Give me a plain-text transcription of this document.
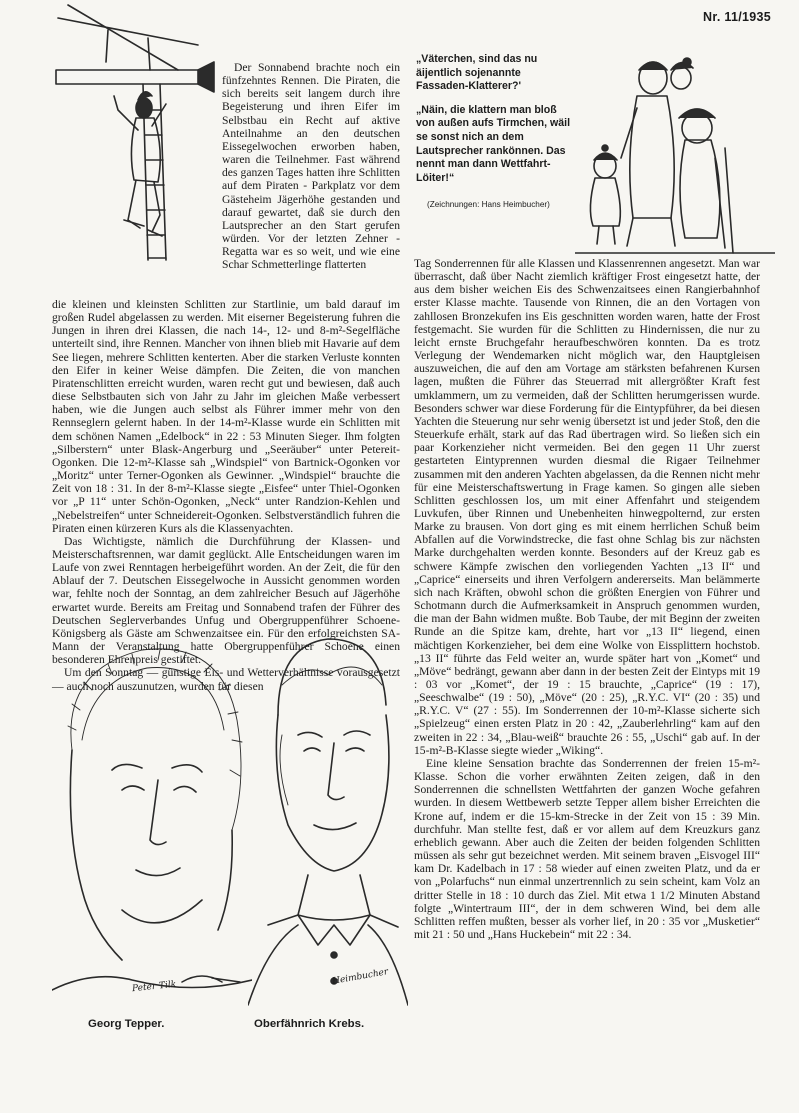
Nr. 11/1935

Der Sonnabend brachte noch ein fünfzehntes Rennen. Die Piraten, die sich bereits seit langem durch ihre Begeisterung und ihren Eifer im Selbstbau ein Recht auf aktive Anteilnahme an den deutschen Eissegelwochen erworben haben, waren die Teilnehmer. Fast während des ganzen Tages hatten ihre Schlitten auf dem Piraten - Parkplatz vor dem Gästeheim Jägerhöhe gestanden und darauf gewartet, daß sie durch den Lautsprecher an den Start gerufen würden. Vor der letzten Zehner - Regatta war es so weit, und wie eine Schar Schmetterlinge flatterten

die kleinen und kleinsten Schlitten zur Startlinie, um bald darauf im großen Rudel abgelassen zu werden. Mit eiserner Begeisterung fuhren die Jungen in ihren drei Klassen, die nach 14-, 12- und 8-m²-Segelfläche unterteilt sind, ihre Rennen. Mancher von ihnen blieb mit Havarie auf dem See liegen, mehrere Schlitten kenterten. Aber die starken Verluste konnten den Eifer in keiner Weise dämpfen. Die Zeiten, die von manchen Piratenschlitten erreicht wurden, waren recht gut und bewiesen, daß auch diese Selbstbauten sich von Jahr zu Jahr im gleichen Maße verbessert haben, wie die Jungen auch selbst als Führer immer mehr von den Rennseglern gelernt haben. In der 14-m²-Klasse wurde ein Schlitten mit dem schönen Namen „Edelbock“ in 22 : 53 Minuten Sieger. Ihm folgten „Silberstern“ unter Blask-Angerburg und „Seeräuber“ unter Petereit-Ogonken. Die 12-m²-Klasse sah „Windspiel“ von Bartnick-Ogonken vor „Moritz“ unter Terner-Ogonken als Gewinner. „Windspiel“ brauchte die Zeit von 18 : 31. In der 8-m²-Klasse siegte „Eisfee“ unter Thiel-Ogonken vor „P 11“ unter Schön-Ogonken, „Neck“ unter Randzion-Kehlen und „Nebelstreifen“ unter Schneidereit-Ogonken. Selbstverständlich fuhren die Piraten einen kürzeren Kurs als die Klassenyachten.

Das Wichtigste, nämlich die Durchführung der Klassen- und Meisterschaftsrennen, war damit geglückt. Alle Entscheidungen waren im Laufe von zwei Renntagen herbeigeführt worden. An der Zeit, die für den Ablauf der 7. Deutschen Eissegelwoche in Aussicht genommen worden war, fehlte noch der Sonntag, an dem zahlreicher Besuch auf Jägerhöhe erwartet wurde. Bereits am Freitag und Sonnabend trafen der Führer des Deutschen Seglerverbandes Unfug und Obergruppenführer Schoene-Königsberg als Gäste am Schwenzaitsee ein. Für den erfolgreichsten SA-Mann der Veranstaltung hatte Obergruppenführer Schoene einen besonderen Ehrenpreis gestiftet.

Um den Sonntag — günstige Eis- und Wetterverhältnisse vorausgesetzt — auch noch auszunutzen, wurden für diesen

„Väterchen, sind das nu äijentlich sojenannte Fassaden-Klatterer?'

„Näin, die klattern man bloß von außen aufs Tirmchen, wäil se sonst nich an dem Lautsprecher rankönnen. Das nennt man dann Wettfahrt-Löiter!“

(Zeichnungen: Hans Heimbucher)

Tag Sonderrennen für alle Klassen und Klassenrennen angesetzt. Man war überrascht, daß über Nacht ziemlich kräftiger Frost eingesetzt hatte, der aus dem bisher weichen Eis des Schwenzaitsees einen Rangierbahnhof erster Klasse machte. Tausende von Rinnen, die an den Vortagen von zahllosen Bronzekufen ins Eis geschnitten worden waren, hatte der Frost festgemacht. Sie wurden für die Schlitten zu Hindernissen, die nur zu leicht ernste Bruchgefahr heraufbeschwören konnten. Da es trotz Verlegung der Wendemarken nicht möglich war, den Hauptgleisen auszuweichen, die auf den am Vortage am stärksten befahrenen Kursen lagen, mußten die Führer das Steuerrad mit allergrößter Kraft fest umklammern, um zu vermeiden, daß der Schlitten herumgerissen wurde. Besonders schwer war diese Forderung für die Eintypführer, da bei diesen Yachten die Steuerung nur sehr wenig übersetzt ist und jeder Stoß, den die Steuerkufe erhält, stark auf das Rad übertragen wird. So ließen sich ein paar Korkenzieher nicht vermeiden. Bei den gegen 11 Uhr zuerst gestarteten Eintyprennen wurden diesmal die Rigaer Teilnehmer zusammen mit den anderen Yachten abgelassen, da die Rennen nicht mehr für eine Meisterschaftswertung in Frage kamen. So gingen alle sieben Schlitten geschlossen los, um mit einer Affenfahrt und steigendem Luvkufen, über Rinnen und Unebenheiten hinwegpolternd, zur ersten Marke zu brausen. Von dort ging es mit einem herrlichen Schuß beim Abfallen auf die Vorwindstrecke, die fast ohne Schlag bis zur nächsten Marke durchgehalten werden konnte. Besonders auf der Kreuz gab es schwere Kämpfe zwischen den vorliegenden Yachten „13 II“ und „Caprice“ einerseits und ihren Verfolgern andererseits. Man belämmerte sich nach Kräften, obwohl schon die größten Energien von Führer und Schotmann durch die Aufmerksamkeit in Anspruch genommen wurden, die man der Bahn widmen mußte. Bob Taube, der mit Beginn der zweiten Runde an die Spitze kam, drehte, hart vor „13 II“ liegend, einen mächtigen Korkenzieher, bei dem eine Wolke von Eissplittern hochstob. „13 II“ führte das Feld weiter an, wurde später hart von „Komet“ und „Möve“ bedrängt, gewann aber dann in der besten Zeit der Eintyps mit 19 : 03 vor „Komet“, der 19 : 15 brauchte, „Caprice“ (19 : 17), „Seeschwalbe“ (19 : 50), „Möve“ (20 : 25), „R.Y.C. VI“ (20 : 35) und „R.Y.C. V“ (27 : 55). Im Sonderrennen der 10-m²-Klasse sicherte sich „Spielzeug“ einen ersten Platz in 20 : 42, „Zauberlehrling“ kam auf den zweiten in 22 : 34, „Blau-weiß“ brauchte 26 : 55, „Uschi“ gab auf. In der 15-m²-B-Klasse siegte wieder „Wiking“.

Eine kleine Sensation brachte das Sonderrennen der freien 15-m²-Klasse. Schon die vorher erwähnten Zeiten zeigen, daß in den Sonderrennen die schnellsten Wettfahrten der ganzen Woche gefahren wurden. In diesem Wettbewerb setzte Tepper allem bisher Erreichten die Krone auf, indem er die 15-km-Strecke in der Zeit von 15 : 39 Min. durchfuhr. Man stellte fest, daß er vor allem auf dem Kreuzkurs ganz erheblich gewann. Aber auch die Zeiten der beiden folgenden Schlitten müssen als sehr gut bezeichnet werden. Mit seinem braven „Eisvogel III“ kam Dr. Kadelbach in 17 : 58 wieder auf einen zweiten Platz, und da er von „Polarfuchs“ nun einmal unzertrennlich zu sein scheint, kam Volz an dritter Stelle in 18 : 10 durch das Ziel. Mit etwa 1 1/2 Minuten Abstand folgte „Wintertraum III“, der in dem schweren Wind, bei dem alle Schlitten reffen mußten, besser als vorher lief, in 20 : 35 vor „Musketier“ mit 21 : 50 und „Hans Huckebein“ mit 22 : 34.

Peter Tilk
Heimbucher
Georg Tepper.	Oberfähnrich Krebs.
